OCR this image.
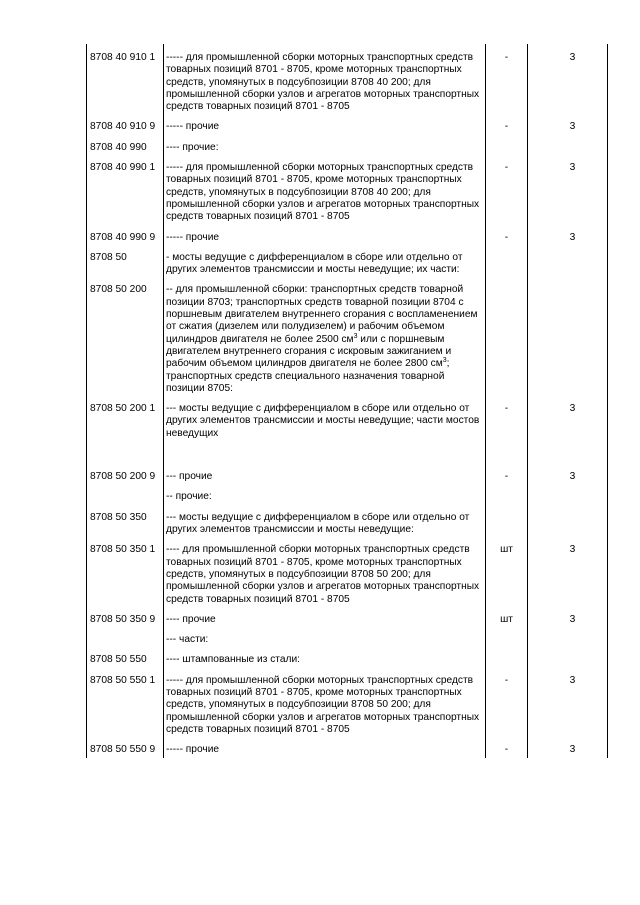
8708 40 910 1	----- для промышленной сборки моторных транспортных средств товарных позиций 8701 - 8705, кроме моторных транспортных средств, упомянутых в подсубпозиции 8708 40 200; для промышленной сборки узлов и агрегатов моторных транспортных средств товарных позиций 8701 - 8705	-	3
8708 40 910 9	----- прочие	-	3
8708 40 990	---- прочие:		
8708 40 990 1	----- для промышленной сборки моторных транспортных средств товарных позиций 8701 - 8705, кроме моторных транспортных средств, упомянутых в подсубпозиции 8708 40 200; для промышленной сборки узлов и агрегатов моторных транспортных средств товарных позиций 8701 - 8705	-	3
8708 40 990 9	----- прочие	-	3
8708 50	- мосты ведущие с дифференциалом в сборе или отдельно от других элементов трансмиссии и мосты неведущие; их части:		
8708 50 200	-- для промышленной сборки: транспортных средств товарной позиции 8703; транспортных средств товарной позиции 8704 с поршневым двигателем внутреннего сгорания с воспламенением от сжатия (дизелем или полудизелем) и рабочим объемом цилиндров двигателя не более 2500 $см^3$ или с поршневым двигателем внутреннего сгорания с искровым зажиганием и рабочим объемом цилиндров двигателя не более 2800 $см^3$; транспортных средств специального назначения товарной позиции 8705:		
8708 50 200 1	--- мосты ведущие с дифференциалом в сборе или отдельно от других элементов трансмиссии и мосты неведущие; части мостов неведущих	-	3
8708 50 200 9	--- прочие	-	3
	-- прочие:		
8708 50 350	--- мосты ведущие с дифференциалом в сборе или отдельно от других элементов трансмиссии и мосты неведущие:		
8708 50 350 1	---- для промышленной сборки моторных транспортных средств товарных позиций 8701 - 8705, кроме моторных транспортных средств, упомянутых в подсубпозиции 8708 50 200; для промышленной сборки узлов и агрегатов моторных транспортных средств товарных позиций 8701 - 8705	шт	3
8708 50 350 9	---- прочие	шт	3
	--- части:		
8708 50 550	---- штампованные из стали:		
8708 50 550 1	----- для промышленной сборки моторных транспортных средств товарных позиций 8701 - 8705, кроме моторных транспортных средств, упомянутых в подсубпозиции 8708 50 200; для промышленной сборки узлов и агрегатов моторных транспортных средств товарных позиций 8701 - 8705	-	3
8708 50 550 9	----- прочие	-	3
